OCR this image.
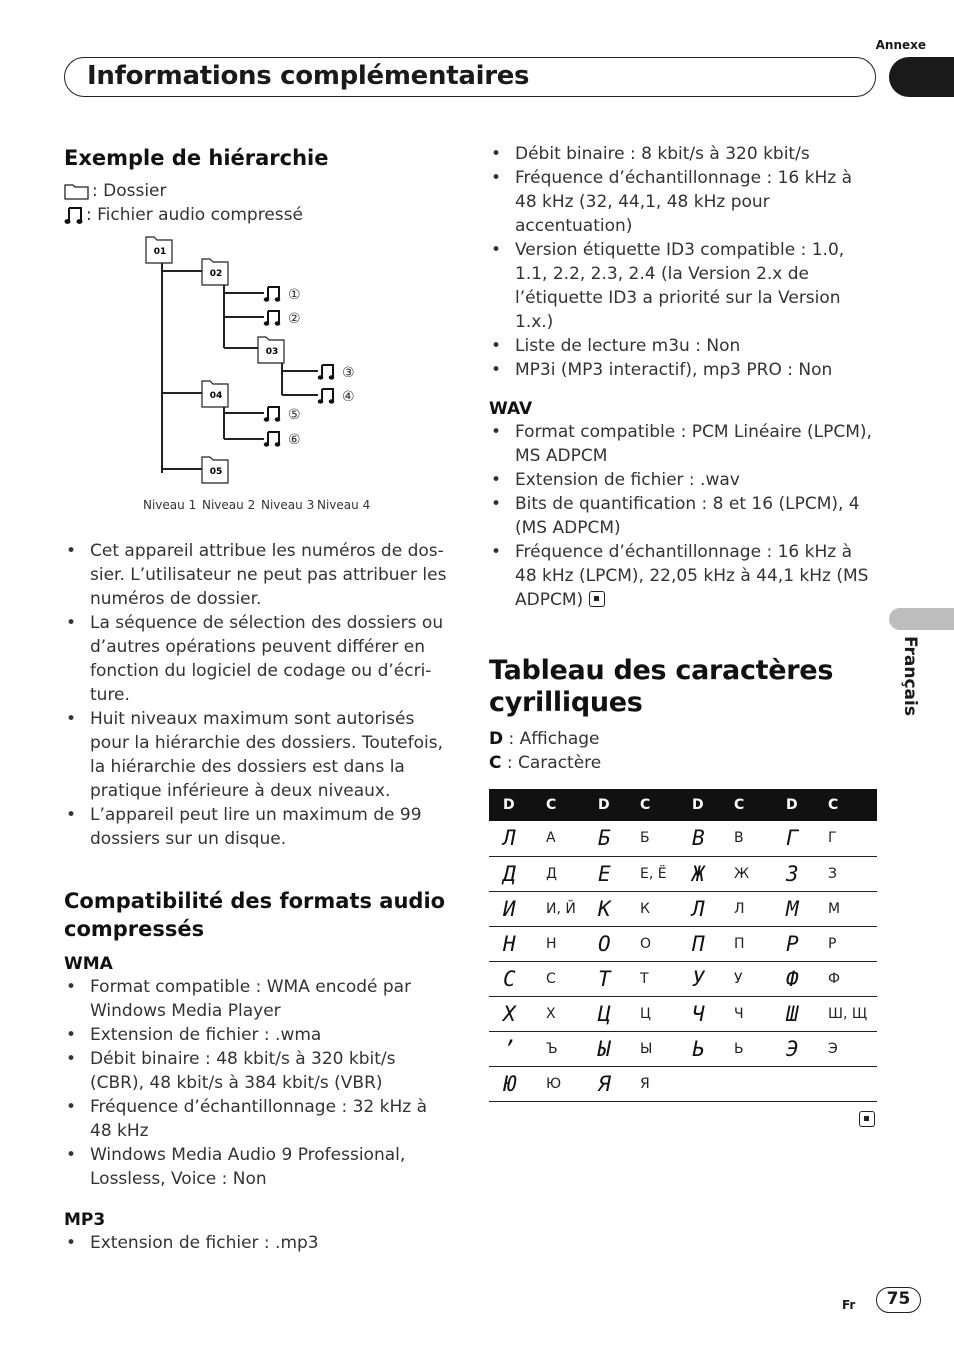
Annexe
Informations complémentaires
Français
Exemple de hiérarchie
: Dossier
: Fichier audio compressé
01
02
03
04
05
①
②
③
④
⑤
⑥
Niveau 1 Niveau 2 Niveau 3 Niveau 4
• Cet appareil attribue les numéros de dossier. L’utilisateur ne peut pas attribuer les numéros de dossier.
• La séquence de sélection des dossiers ou d’autres opérations peuvent différer en fonction du logiciel de codage ou d’écriture.
• Huit niveaux maximum sont autorisés pour la hiérarchie des dossiers. Toutefois, la hiérarchie des dossiers est dans la pratique inférieure à deux niveaux.
• L’appareil peut lire un maximum de 99 dossiers sur un disque.
Compatibilité des formats audio compressés
WMA
• Format compatible : WMA encodé par Windows Media Player
• Extension de fichier : .wma
• Débit binaire : 48 kbit/s à 320 kbit/s (CBR), 48 kbit/s à 384 kbit/s (VBR)
• Fréquence d’échantillonnage : 32 kHz à 48 kHz
• Windows Media Audio 9 Professional, Lossless, Voice : Non
MP3
• Extension de fichier : .mp3
• Débit binaire : 8 kbit/s à 320 kbit/s
• Fréquence d’échantillonnage : 16 kHz à 48 kHz (32, 44,1, 48 kHz pour accentuation)
• Version étiquette ID3 compatible : 1.0, 1.1, 2.2, 2.3, 2.4 (la Version 2.x de l’étiquette ID3 a priorité sur la Version 1.x.)
• Liste de lecture m3u : Non
• MP3i (MP3 interactif), mp3 PRO : Non
WAV
• Format compatible : PCM Linéaire (LPCM), MS ADPCM
• Extension de fichier : .wav
• Bits de quantification : 8 et 16 (LPCM), 4 (MS ADPCM)
• Fréquence d’échantillonnage : 16 kHz à 48 kHz (LPCM), 22,05 kHz à 44,1 kHz (MS ADPCM)
Tableau des caractères cyrilliques
D : Affichage
C : Caractère
D	C	D	C	D	C	D	C
Л	А	Б	Б	В	В	Г	Г
Д	Д	Е	Е, Ё	Ж	Ж	З	З
И	И, Й	К	К	Л	Л	М	М
Н	Н	О	О	П	П	Р	Р
С	С	Т	Т	У	У	Ф	Ф
Х	Х	Ц	Ц	Ч	Ч	Ш	Ш, Щ
’	Ъ	Ы	Ы	Ь	Ь	Э	Э
Ю	Ю	Я	Я				
Fr	75
